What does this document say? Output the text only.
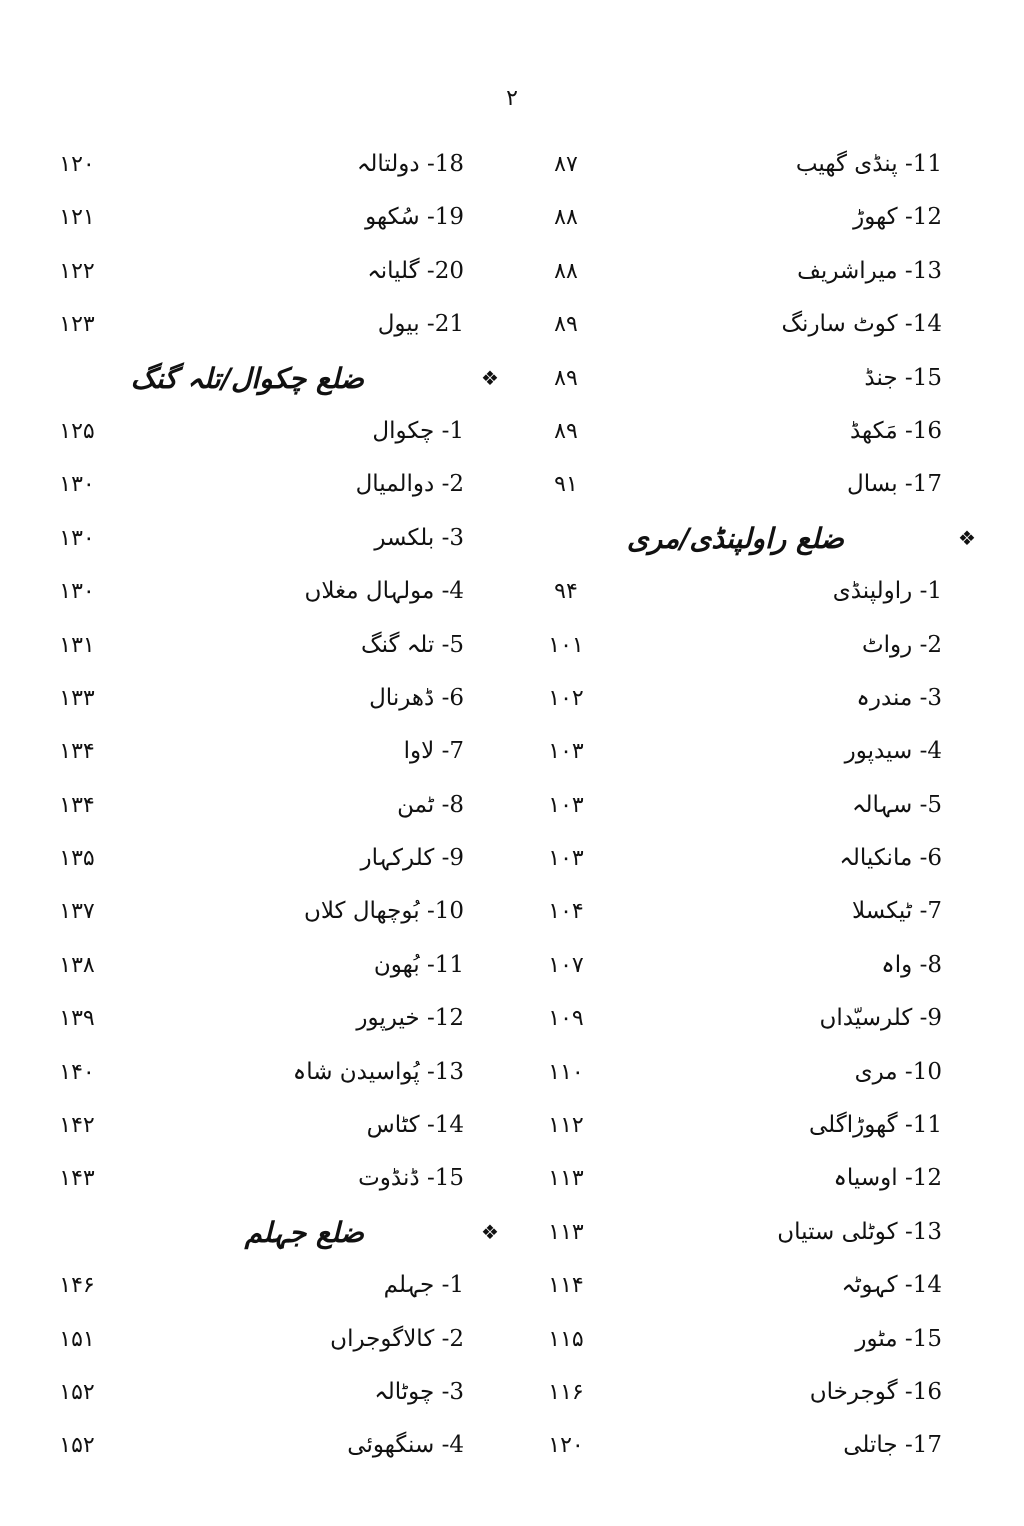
۲
11- پنڈی گھیب
۸۷
18- دولتالہ
۱۲۰
12- کھوڑ
۸۸
19- سُکھو
۱۲۱
13- میراشریف
۸۸
20- گلیانہ
۱۲۲
14- کوٹ سارنگ
۸۹
21- بیول
۱۲۳
15- جنڈ
۸۹
❖
ضلع چکوال/تلہ گنگ
16- مَکھڈ
۸۹
1- چکوال
۱۲۵
17- بسال
۹۱
2- دوالمیال
۱۳۰
❖
ضلع راولپنڈی/مری
3- بلکسر
۱۳۰
1- راولپنڈی
۹۴
4- مولہال مغلاں
۱۳۰
2- رواٹ
۱۰۱
5- تلہ گنگ
۱۳۱
3- مندرہ
۱۰۲
6- ڈھرنال
۱۳۳
4- سیدپور
۱۰۳
7- لاوا
۱۳۴
5- سہالہ
۱۰۳
8- ٹمن
۱۳۴
6- مانکیالہ
۱۰۳
9- کلرکہار
۱۳۵
7- ٹیکسلا
۱۰۴
10- بُوچھال کلاں
۱۳۷
8- واہ
۱۰۷
11- بُھون
۱۳۸
9- کلرسیّداں
۱۰۹
12- خیرپور
۱۳۹
10- مری
۱۱۰
13- پُواسیدن شاہ
۱۴۰
11- گھوڑاگلی
۱۱۲
14- کٹاس
۱۴۲
12- اوسیاہ
۱۱۳
15- ڈنڈوت
۱۴۳
13- کوٹلی ستیاں
۱۱۳
❖
ضلع جہلم
14- کہوٹہ
۱۱۴
1- جہلم
۱۴۶
15- مٹور
۱۱۵
2- کالاگوجراں
۱۵۱
16- گوجرخاں
۱۱۶
3- چوٹالہ
۱۵۲
17- جاتلی
۱۲۰
4- سنگھوئی
۱۵۲
